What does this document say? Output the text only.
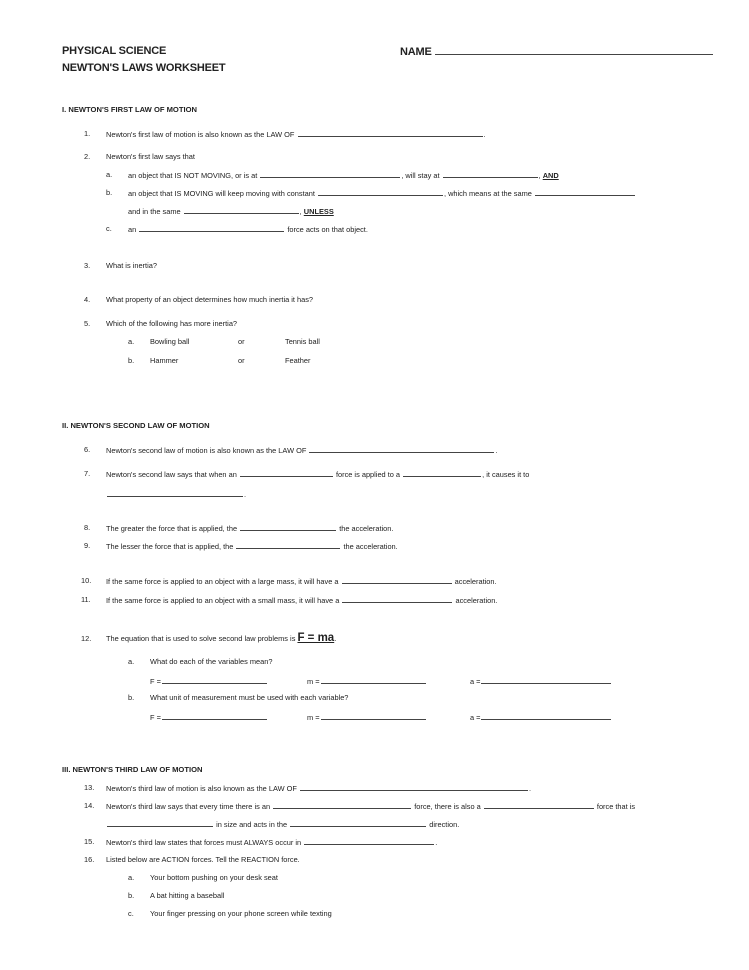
PHYSICAL SCIENCE
NEWTON'S LAWS WORKSHEET
NAME
I. NEWTON'S FIRST LAW OF MOTION
1. Newton's first law of motion is also known as the LAW OF	.
2. Newton's first law says that
a. an object that IS NOT MOVING, or is at	, will stay at	, AND
b. an object that IS MOVING will keep moving with constant	, which means at the same
and in the same	, UNLESS
c. an	force acts on that object.
3. What is inertia?
4. What property of an object determines how much inertia it has?
5. Which of the following has more inertia?
a. Bowling ball	or	Tennis ball
b. Hammer	or	Feather
II. NEWTON'S SECOND LAW OF MOTION
6. Newton's second law of motion is also known as the LAW OF	.
7. Newton's second law says that when an	force is applied to a	, it causes it to
.
8. The greater the force that is applied, the	the acceleration.
9. The lesser the force that is applied, the	the acceleration.
10. If the same force is applied to an object with a large mass, it will have a	acceleration.
11. If the same force is applied to an object with a small mass, it will have a	acceleration.
12. The equation that is used to solve second law problems is F = ma.
a. What do each of the variables mean?
F =	m =	a =
b. What unit of measurement must be used with each variable?
F =	m =	a =
III. NEWTON'S THIRD LAW OF MOTION
13. Newton's third law of motion is also known as the LAW OF	.
14. Newton's third law says that every time there is an	force, there is also a	force that is
in size and acts in the	direction.
15. Newton's third law states that forces must ALWAYS occur in	.
16. Listed below are ACTION forces. Tell the REACTION force.
a. Your bottom pushing on your desk seat
b. A bat hitting a baseball
c. Your finger pressing on your phone screen while texting
